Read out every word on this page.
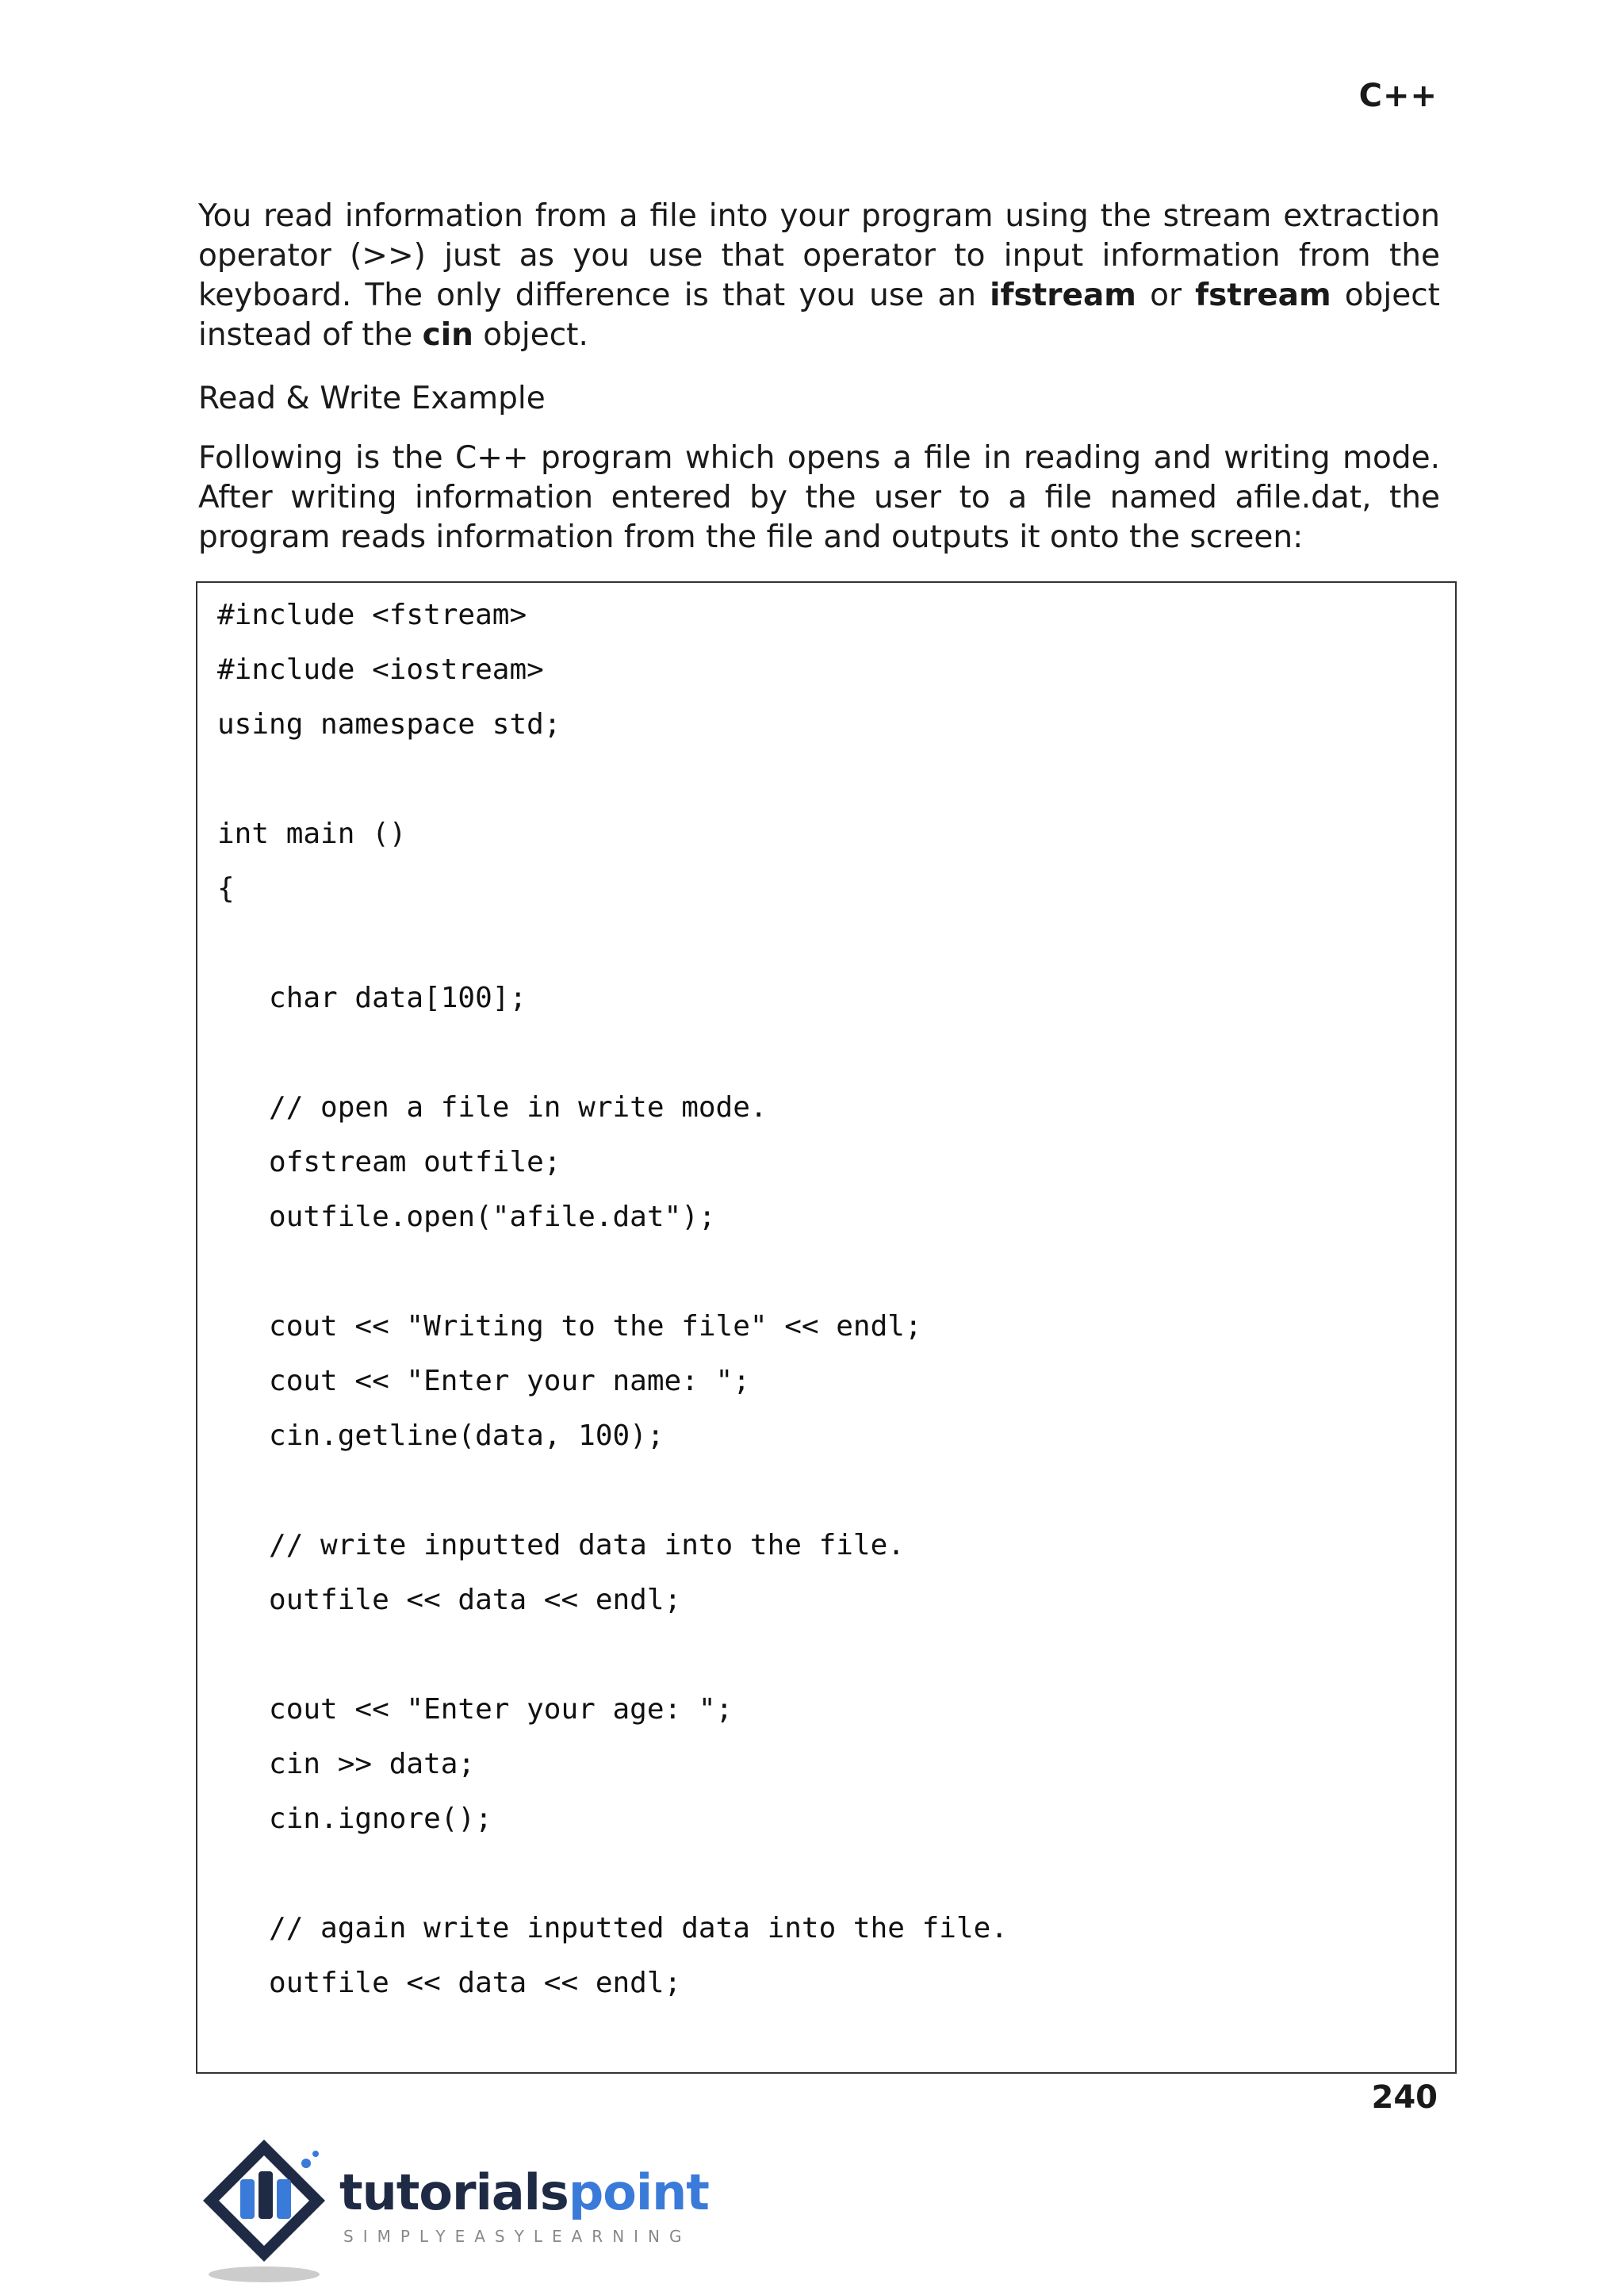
C++
You read information from a file into your program using the stream extraction
operator (>>) just as you use that operator to input information from the
keyboard. The only difference is that you use an ifstream or fstream object
instead of the cin object.
Read & Write Example
Following is the C++ program which opens a file in reading and writing mode.
After writing information entered by the user to a file named afile.dat, the
program reads information from the file and outputs it onto the screen:
#include <fstream>
#include <iostream>
using namespace std;
int main ()
{
char data[100];
// open a file in write mode.
ofstream outfile;
outfile.open("afile.dat");
cout << "Writing to the file" << endl;
cout << "Enter your name: ";
cin.getline(data, 100);
// write inputted data into the file.
outfile << data << endl;
cout << "Enter your age: ";
cin >> data;
cin.ignore();
// again write inputted data into the file.
outfile << data << endl;
240
tutorialspoint
SIMPLYEASYLEARNING
